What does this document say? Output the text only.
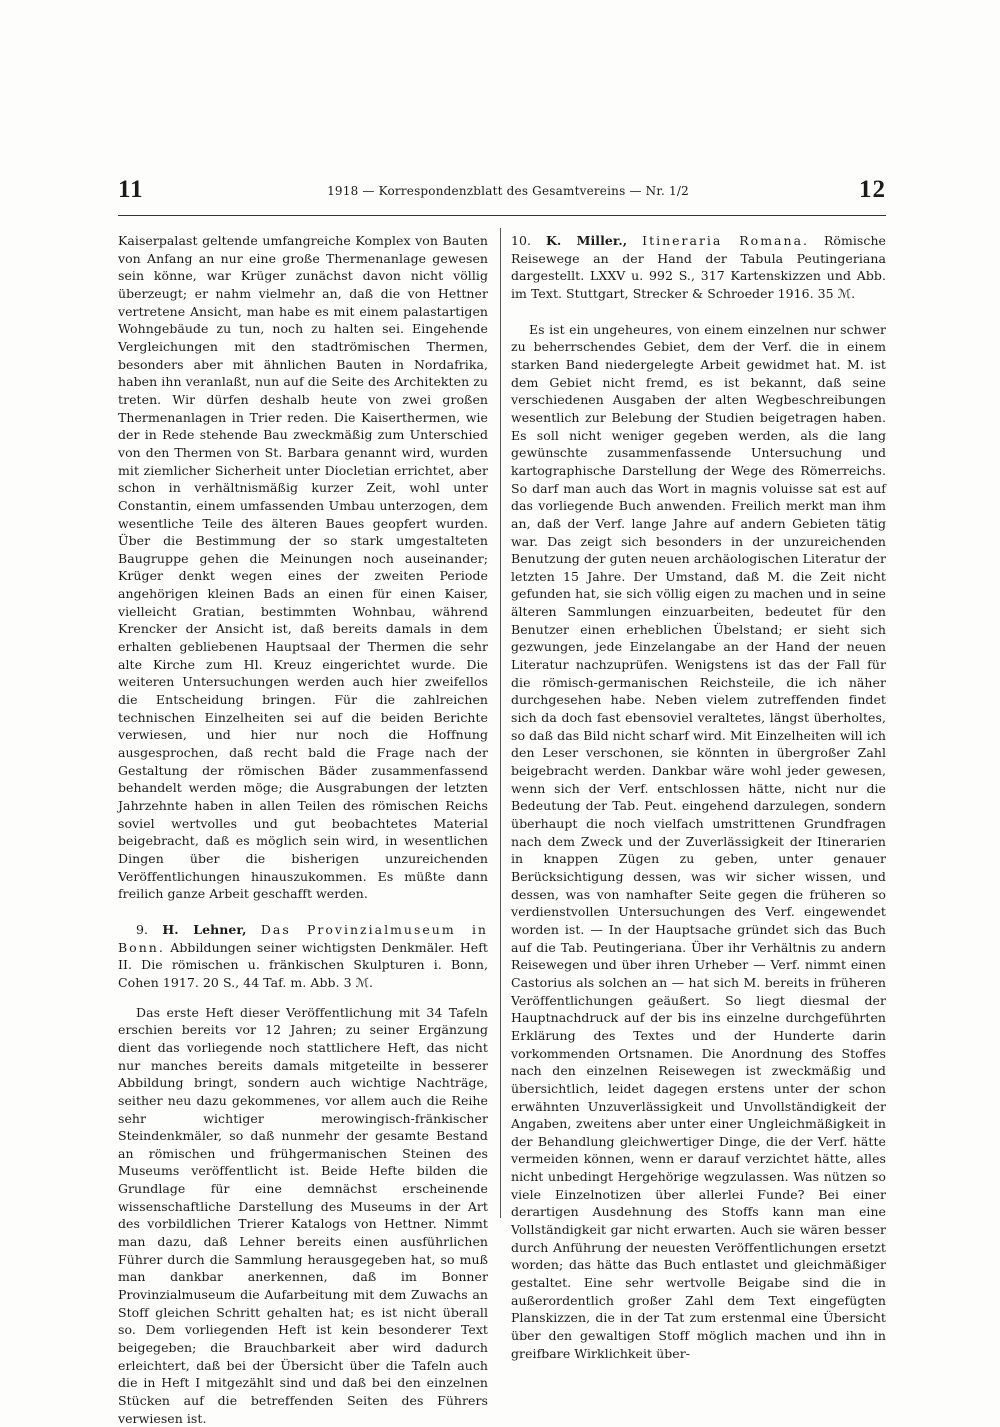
11	1918 — Korrespondenzblatt des Gesamtvereins — Nr. 1/2	12

Kaiserpalast geltende umfangreiche Komplex von Bauten von Anfang an nur eine große Thermenanlage gewesen sein könne, war Krüger zunächst davon nicht völlig überzeugt; er nahm vielmehr an, daß die von Hettner vertretene Ansicht, man habe es mit einem palastartigen Wohngebäude zu tun, noch zu halten sei. Eingehende Vergleichungen mit den stadtrömischen Thermen, besonders aber mit ähnlichen Bauten in Nordafrika, haben ihn veranlaßt, nun auf die Seite des Architekten zu treten. Wir dürfen deshalb heute von zwei großen Thermenanlagen in Trier reden. Die Kaiserthermen, wie der in Rede stehende Bau zweckmäßig zum Unterschied von den Thermen von St. Barbara genannt wird, wurden mit ziemlicher Sicherheit unter Diocletian errichtet, aber schon in verhältnismäßig kurzer Zeit, wohl unter Constantin, einem umfassenden Umbau unterzogen, dem wesentliche Teile des älteren Baues geopfert wurden. Über die Bestimmung der so stark umgestalteten Baugruppe gehen die Meinungen noch auseinander; Krüger denkt wegen eines der zweiten Periode angehörigen kleinen Bads an einen für einen Kaiser, vielleicht Gratian, bestimmten Wohnbau, während Krencker der Ansicht ist, daß bereits damals in dem erhalten gebliebenen Hauptsaal der Thermen die sehr alte Kirche zum Hl. Kreuz eingerichtet wurde. Die weiteren Untersuchungen werden auch hier zweifellos die Entscheidung bringen. Für die zahlreichen technischen Einzelheiten sei auf die beiden Berichte verwiesen, und hier nur noch die Hoffnung ausgesprochen, daß recht bald die Frage nach der Gestaltung der römischen Bäder zusammenfassend behandelt werden möge; die Ausgrabungen der letzten Jahrzehnte haben in allen Teilen des römischen Reichs soviel wertvolles und gut beobachtetes Material beigebracht, daß es möglich sein wird, in wesentlichen Dingen über die bisherigen unzureichenden Veröffentlichungen hinauszukommen. Es müßte dann freilich ganze Arbeit geschafft werden.

9. H. Lehner, Das Provinzialmuseum in Bonn. Abbildungen seiner wichtigsten Denkmäler. Heft II. Die römischen u. fränkischen Skulpturen i. Bonn, Cohen 1917. 20 S., 44 Taf. m. Abb. 3 ℳ.

Das erste Heft dieser Veröffentlichung mit 34 Tafeln erschien bereits vor 12 Jahren; zu seiner Ergänzung dient das vorliegende noch stattlichere Heft, das nicht nur manches bereits damals mitgeteilte in besserer Abbildung bringt, sondern auch wichtige Nachträge, seither neu dazu gekommenes, vor allem auch die Reihe sehr wichtiger merowingisch-fränkischer Steindenkmäler, so daß nunmehr der gesamte Bestand an römischen und frühgermanischen Steinen des Museums veröffentlicht ist. Beide Hefte bilden die Grundlage für eine demnächst erscheinende wissenschaftliche Darstellung des Museums in der Art des vorbildlichen Trierer Katalogs von Hettner. Nimmt man dazu, daß Lehner bereits einen ausführlichen Führer durch die Sammlung herausgegeben hat, so muß man dankbar anerkennen, daß im Bonner Provinzialmuseum die Aufarbeitung mit dem Zuwachs an Stoff gleichen Schritt gehalten hat; es ist nicht überall so. Dem vorliegenden Heft ist kein besonderer Text beigegeben; die Brauchbarkeit aber wird dadurch erleichtert, daß bei der Übersicht über die Tafeln auch die in Heft I mitgezählt sind und daß bei den einzelnen Stücken auf die betreffenden Seiten des Führers verwiesen ist.

10. K. Miller., Itineraria Romana. Römische Reisewege an der Hand der Tabula Peutingeriana dargestellt. LXXV u. 992 S., 317 Kartenskizzen und Abb. im Text. Stuttgart, Strecker & Schroeder 1916. 35 ℳ.

Es ist ein ungeheures, von einem einzelnen nur schwer zu beherrschendes Gebiet, dem der Verf. die in einem starken Band niedergelegte Arbeit gewidmet hat. M. ist dem Gebiet nicht fremd, es ist bekannt, daß seine verschiedenen Ausgaben der alten Wegbeschreibungen wesentlich zur Belebung der Studien beigetragen haben. Es soll nicht weniger gegeben werden, als die lang gewünschte zusammenfassende Untersuchung und kartographische Darstellung der Wege des Römerreichs. So darf man auch das Wort in magnis voluisse sat est auf das vorliegende Buch anwenden. Freilich merkt man ihm an, daß der Verf. lange Jahre auf andern Gebieten tätig war. Das zeigt sich besonders in der unzureichenden Benutzung der guten neuen archäologischen Literatur der letzten 15 Jahre. Der Umstand, daß M. die Zeit nicht gefunden hat, sie sich völlig eigen zu machen und in seine älteren Sammlungen einzuarbeiten, bedeutet für den Benutzer einen erheblichen Übelstand; er sieht sich gezwungen, jede Einzelangabe an der Hand der neuen Literatur nachzuprüfen. Wenigstens ist das der Fall für die römisch-germanischen Reichsteile, die ich näher durchgesehen habe. Neben vielem zutreffenden findet sich da doch fast ebensoviel veraltetes, längst überholtes, so daß das Bild nicht scharf wird. Mit Einzelheiten will ich den Leser verschonen, sie könnten in übergroßer Zahl beigebracht werden. Dankbar wäre wohl jeder gewesen, wenn sich der Verf. entschlossen hätte, nicht nur die Bedeutung der Tab. Peut. eingehend darzulegen, sondern überhaupt die noch vielfach umstrittenen Grundfragen nach dem Zweck und der Zuverlässigkeit der Itinerarien in knappen Zügen zu geben, unter genauer Berücksichtigung dessen, was wir sicher wissen, und dessen, was von namhafter Seite gegen die früheren so verdienstvollen Untersuchungen des Verf. eingewendet worden ist. — In der Hauptsache gründet sich das Buch auf die Tab. Peutingeriana. Über ihr Verhältnis zu andern Reisewegen und über ihren Urheber — Verf. nimmt einen Castorius als solchen an — hat sich M. bereits in früheren Veröffentlichungen geäußert. So liegt diesmal der Hauptnachdruck auf der bis ins einzelne durchgeführten Erklärung des Textes und der Hunderte darin vorkommenden Ortsnamen. Die Anordnung des Stoffes nach den einzelnen Reisewegen ist zweckmäßig und übersichtlich, leidet dagegen erstens unter der schon erwähnten Unzuverlässigkeit und Unvollständigkeit der Angaben, zweitens aber unter einer Ungleichmäßigkeit in der Behandlung gleichwertiger Dinge, die der Verf. hätte vermeiden können, wenn er darauf verzichtet hätte, alles nicht unbedingt Hergehörige wegzulassen. Was nützen so viele Einzelnotizen über allerlei Funde? Bei einer derartigen Ausdehnung des Stoffs kann man eine Vollständigkeit gar nicht erwarten. Auch sie wären besser durch Anführung der neuesten Veröffentlichungen ersetzt worden; das hätte das Buch entlastet und gleichmäßiger gestaltet. Eine sehr wertvolle Beigabe sind die in außerordentlich großer Zahl dem Text eingefügten Planskizzen, die in der Tat zum erstenmal eine Übersicht über den gewaltigen Stoff möglich machen und ihn in greifbare Wirklichkeit über-
